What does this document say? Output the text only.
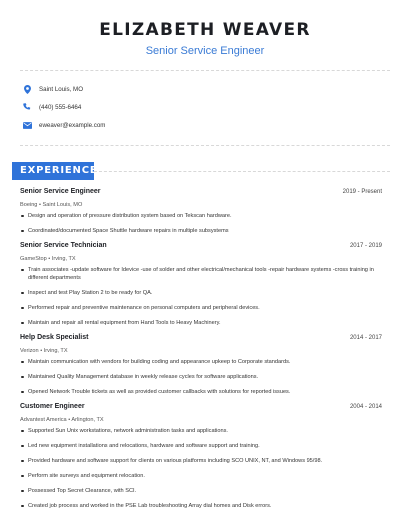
ELIZABETH WEAVER
Senior Service Engineer
Saint Louis, MO
(440) 555-6464
eweaver@example.com
EXPERIENCE
Senior Service Engineer	2019 - Present
Boeing • Saint Louis, MO
Design and operation of pressure distribution system based on Tekscan hardware.
Coordinated/documented Space Shuttle hardware repairs in multiple subsystems
Senior Service Technician	2017 - 2019
GameStop • Irving, TX
Train associates -update software for Idevice -use of solder and other electrical/mechanical tools -repair hardware systems -cross training in different departments
Inspect and test Play Station 2 to be ready for QA.
Performed repair and preventive maintenance on personal computers and peripheral devices.
Maintain and repair all rental equipment from Hand Tools to Heavy Machinery.
Help Desk Specialist	2014 - 2017
Verizon • Irving, TX
Maintain communication with vendors for building coding and appearance upkeep to Corporate standards.
Maintained Quality Management database in weekly release cycles for software applications.
Opened Network Trouble tickets as well as provided customer callbacks with solutions for reported issues.
Customer Engineer	2004 - 2014
Advantest America • Arlington, TX
Supported Sun Unix workstations, network administration tasks and applications.
Led new equipment installations and relocations, hardware and software support and training.
Provided hardware and software support for clients on various platforms including SCO UNIX, NT, and Windows 95/98.
Perform site surveys and equipment relocation.
Possessed Top Secret Clearance, with SCI.
Created job process and worked in the PSE Lab troubleshooting Array dial homes and Disk errors.
